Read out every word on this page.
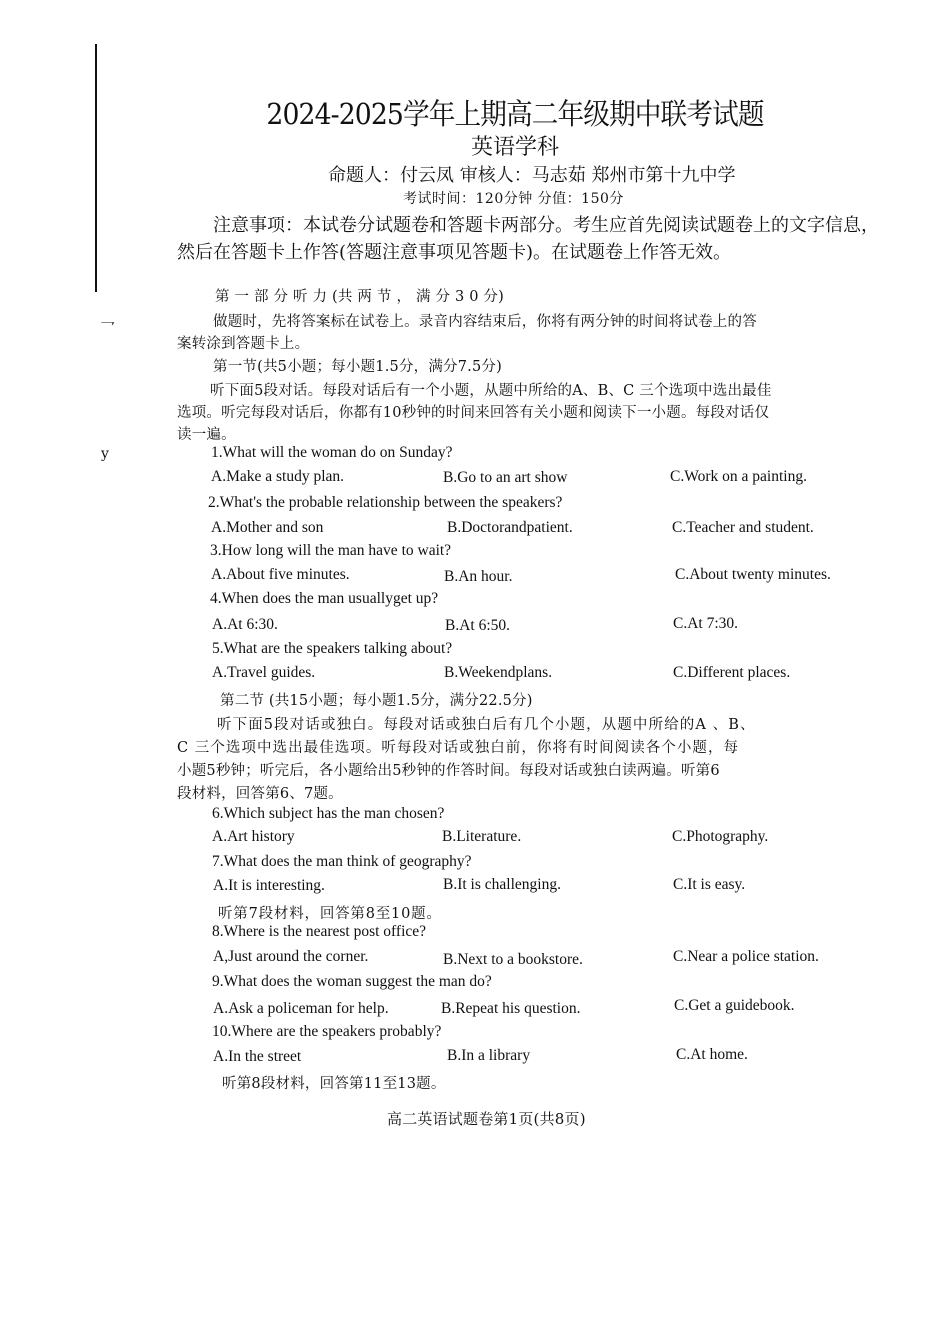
乛
y
2024-2025学年上期高二年级期中联考试题
英语学科
命题人：付云凤 审核人：马志茹 郑州市第十九中学
考试时间：120分钟 分值：150分
注意事项：本试卷分试题卷和答题卡两部分。考生应首先阅读试题卷上的文字信息，
然后在答题卡上作答(答题注意事项见答题卡)。在试题卷上作答无效。
第 一 部 分 听 力 (共 两 节 ， 满 分 3 0 分)
做题时，先将答案标在试卷上。录音内容结束后，你将有两分钟的时间将试卷上的答
案转涂到答题卡上。
第一节(共5小题；每小题1.5分，满分7.5分)
听下面5段对话。每段对话后有一个小题，从题中所给的A、B、C 三个选项中选出最佳
选项。听完每段对话后，你都有10秒钟的时间来回答有关小题和阅读下一小题。每段对话仅
读一遍。
1.What will the woman do on Sunday?
A.Make a study plan.	B.Go to an art show	C.Work on a painting.
2.What's the probable relationship between the speakers?
A.Mother and son	B.Doctorandpatient.	C.Teacher and student.
3.How long will the man have to wait?
A.About five minutes.	B.An hour.	C.About twenty minutes.
4.When does the man usuallyget up?
A.At 6:30.	B.At 6:50.	C.At 7:30.
5.What are the speakers talking about?
A.Travel guides.	B.Weekendplans.	C.Different places.
第二节 (共15小题；每小题1.5分，满分22.5分)
听下面5段对话或独白。每段对话或独白后有几个小题，从题中所给的A 、B、
C 三个选项中选出最佳选项。听每段对话或独白前，你将有时间阅读各个小题，每
小题5秒钟；听完后，各小题给出5秒钟的作答时间。每段对话或独白读两遍。听第6
段材料，回答第6、7题。
6.Which subject has the man chosen?
A.Art history	B.Literature.	C.Photography.
7.What does the man think of geography?
A.It is interesting.	B.It is challenging.	C.It is easy.
听第7段材料，回答第8至10题。
8.Where is the nearest post office?
A,Just around the corner.	B.Next to a bookstore.	C.Near a police station.
9.What does the woman suggest the man do?
A.Ask a policeman for help.	B.Repeat his question.	C.Get a guidebook.
10.Where are the speakers probably?
A.In the street	B.In a library	C.At home.
听第8段材料，回答第11至13题。
高二英语试题卷第1页(共8页)
